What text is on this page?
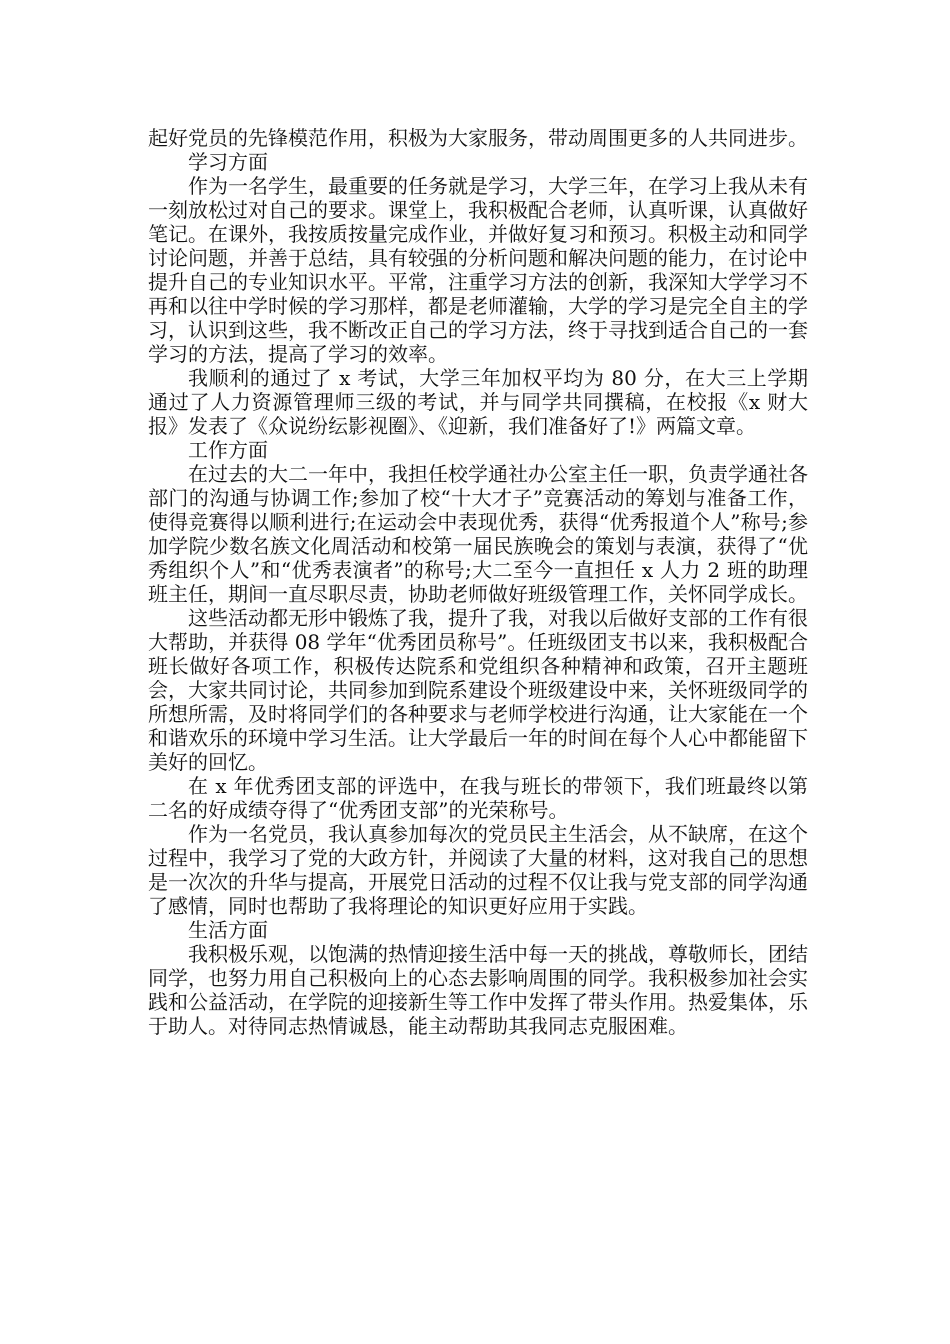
起好党员的先锋模范作用，积极为大家服务，带动周围更多的人共同进步。

学习方面

作为一名学生，最重要的任务就是学习，大学三年，在学习上我从未有一刻放松过对自己的要求。课堂上，我积极配合老师，认真听课，认真做好笔记。在课外，我按质按量完成作业，并做好复习和预习。积极主动和同学讨论问题，并善于总结，具有较强的分析问题和解决问题的能力，在讨论中提升自己的专业知识水平。平常，注重学习方法的创新，我深知大学学习不再和以往中学时候的学习那样，都是老师灌输，大学的学习是完全自主的学习，认识到这些，我不断改正自己的学习方法，终于寻找到适合自己的一套学习的方法，提高了学习的效率。

我顺利的通过了 x 考试，大学三年加权平均为 80 分，在大三上学期通过了人力资源管理师三级的考试，并与同学共同撰稿，在校报《x 财大报》发表了《众说纷纭影视圈》、《迎新，我们准备好了!》两篇文章。

工作方面

在过去的大二一年中，我担任校学通社办公室主任一职，负责学通社各部门的沟通与协调工作;参加了校“十大才子”竞赛活动的筹划与准备工作，使得竞赛得以顺利进行;在运动会中表现优秀，获得“优秀报道个人”称号;参加学院少数名族文化周活动和校第一届民族晚会的策划与表演，获得了“优秀组织个人”和“优秀表演者”的称号;大二至今一直担任 x 人力 2 班的助理班主任，期间一直尽职尽责，协助老师做好班级管理工作，关怀同学成长。

这些活动都无形中锻炼了我，提升了我，对我以后做好支部的工作有很大帮助，并获得 08 学年“优秀团员称号”。任班级团支书以来，我积极配合班长做好各项工作，积极传达院系和党组织各种精神和政策，召开主题班会，大家共同讨论，共同参加到院系建设个班级建设中来，关怀班级同学的所想所需，及时将同学们的各种要求与老师学校进行沟通，让大家能在一个和谐欢乐的环境中学习生活。让大学最后一年的时间在每个人心中都能留下美好的回忆。

在 x 年优秀团支部的评选中，在我与班长的带领下，我们班最终以第二名的好成绩夺得了“优秀团支部”的光荣称号。

作为一名党员，我认真参加每次的党员民主生活会，从不缺席，在这个过程中，我学习了党的大政方针，并阅读了大量的材料，这对我自己的思想是一次次的升华与提高，开展党日活动的过程不仅让我与党支部的同学沟通了感情，同时也帮助了我将理论的知识更好应用于实践。

生活方面

我积极乐观，以饱满的热情迎接生活中每一天的挑战，尊敬师长，团结同学，也努力用自己积极向上的心态去影响周围的同学。我积极参加社会实践和公益活动，在学院的迎接新生等工作中发挥了带头作用。热爱集体，乐于助人。对待同志热情诚恳，能主动帮助其我同志克服困难。
